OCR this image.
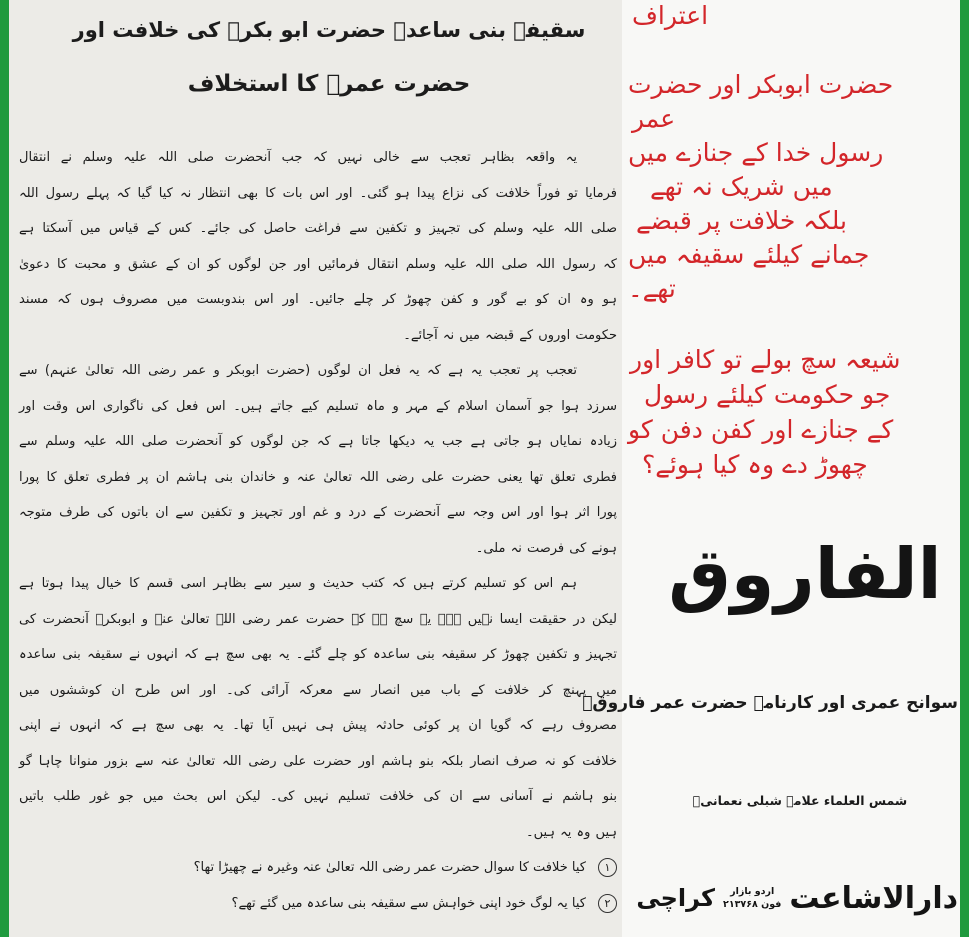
سقیفہ بنی ساعدہ حضرت ابو بکرؓ کی خلافت اور
حضرت عمرؓ کا استخلاف
یہ واقعہ بظاہر تعجب سے خالی نہیں کہ جب آنحضرت صلی اللہ علیہ وسلم نے انتقال
فرمایا تو فوراً خلافت کی نزاع پیدا ہو گئی۔ اور اس بات کا بھی انتظار نہ کیا گیا کہ پہلے رسول اللہ
صلی اللہ علیہ وسلم کی تجہیز و تکفین سے فراغت حاصل کی جائے۔ کس کے قیاس میں آسکتا ہے
کہ رسول اللہ صلی اللہ علیہ وسلم انتقال فرمائیں اور جن لوگوں کو ان کے عشق و محبت کا دعویٰ
ہو وہ ان کو بے گور و کفن چھوڑ کر چلے جائیں۔ اور اس بندوبست میں مصروف ہوں کہ مسند
حکومت اوروں کے قبضہ میں نہ آجائے۔
تعجب پر تعجب یہ ہے کہ یہ فعل ان لوگوں (حضرت ابوبکر و عمر رضی اللہ تعالیٰ عنہم) سے
سرزد ہوا جو آسمان اسلام کے مہر و ماہ تسلیم کیے جاتے ہیں۔ اس فعل کی ناگواری اس وقت اور
زیادہ نمایاں ہو جاتی ہے جب یہ دیکھا جاتا ہے کہ جن لوگوں کو آنحضرت صلی اللہ علیہ وسلم سے
فطری تعلق تھا یعنی حضرت علی رضی اللہ تعالیٰ عنہ و خاندان بنی ہاشم ان پر فطری تعلق کا پورا
پورا اثر ہوا اور اس وجہ سے آنحضرت کے درد و غم اور تجہیز و تکفین سے ان باتوں کی طرف متوجہ
ہونے کی فرصت نہ ملی۔
ہم اس کو تسلیم کرتے ہیں کہ کتب حدیث و سیر سے بظاہر اسی قسم کا خیال پیدا ہوتا ہے
لیکن در حقیقت ایسا نہیں ہے۔ یہ سچ ہے کہ حضرت عمر رضی اللہ تعالیٰ عنہ و ابوبکرؓ آنحضرت کی
تجہیز و تکفین چھوڑ کر سقیفہ بنی ساعدہ کو چلے گئے۔ یہ بھی سچ ہے کہ انہوں نے سقیفہ بنی ساعدہ
میں پہنچ کر خلافت کے باب میں انصار سے معرکہ آرائی کی۔ اور اس طرح ان کوششوں میں
مصروف رہے کہ گویا ان پر کوئی حادثہ پیش ہی نہیں آیا تھا۔ یہ بھی سچ ہے کہ انہوں نے اپنی
خلافت کو نہ صرف انصار بلکہ بنو ہاشم اور حضرت علی رضی اللہ تعالیٰ عنہ سے بزور منوانا چاہا گو
بنو ہاشم نے آسانی سے ان کی خلافت تسلیم نہیں کی۔ لیکن اس بحث میں جو غور طلب باتیں
ہیں وہ یہ ہیں۔
۱
کیا خلافت کا سوال حضرت عمر رضی اللہ تعالیٰ عنہ وغیرہ نے چھیڑا تھا؟
۲
کیا یہ لوگ خود اپنی خواہش سے سقیفہ بنی ساعدہ میں گئے تھے؟
اعتراف
حضرت ابوبکر اور حضرت
عمر
رسول خدا کے جنازے میں
میں شریک نہ تھے
بلکہ خلافت پر قبضے
جمانے کیلئے سقیفہ میں
تھے۔
شیعہ سچ بولے تو کافر اور
جو حکومت کیلئے رسول
کے جنازے اور کفن دفن کو
چھوڑ دے وہ کیا ہوئے؟
الفاروق
سوانح عمری اور کارنامے حضرت عمر فاروقؓ
شمس العلماء علامہ شبلی نعمانیؒ
دارالاشاعت
اردو بازار
فون ۲۱۳۷۶۸
کراچی
